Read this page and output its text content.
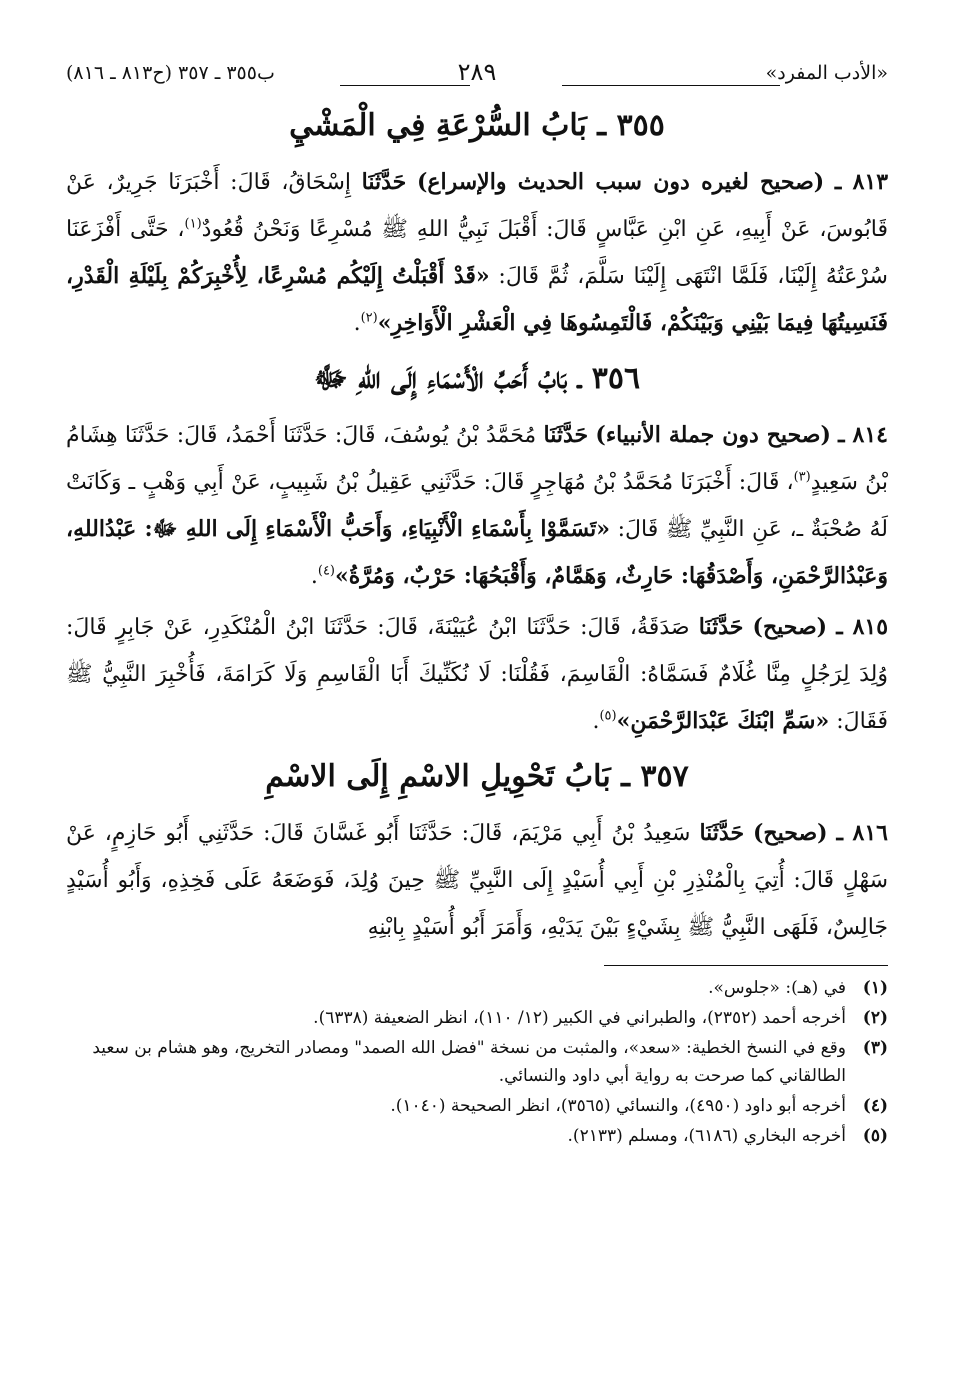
«الأدب المفرد»
٢٨٩
ب٣٥٥ ـ ٣٥٧ (ح٨١٣ ـ ٨١٦)
٣٥٥ ـ بَابُ السُّرْعَةِ فِي الْمَشْيِ

٨١٣ ـ (صحيح لغيره دون سبب الحديث والإسراع) حَدَّثَنَا إِسْحَاقُ، قَالَ: أَخْبَرَنَا جَرِيرٌ، عَنْ قَابُوسَ، عَنْ أَبِيهِ، عَنِ ابْنِ عَبَّاسٍ قَالَ: أَقْبَلَ نَبِيُّ اللهِ ﷺ مُسْرِعًا وَنَحْنُ قُعُودٌ$^{(١)}$، حَتَّى أَفْزَعَنَا سُرْعَتُهُ إِلَيْنَا، فَلَمَّا انْتَهَى إِلَيْنَا سَلَّمَ، ثُمَّ قَالَ: «قَدْ أَقْبَلْتُ إِلَيْكُم مُسْرِعًا، لِأُخْبِرَكُمْ بِلَيْلَةِ الْقَدْرِ، فَنَسِيتُهَا فِيمَا بَيْنِي وَبَيْنَكُمْ، فَالْتَمِسُوهَا فِي الْعَشْرِ الْأَوَاخِرِ»$^{(٢)}$.

٣٥٦ ـ بَابُ أَحَبِّ الْأَسْمَاءِ إِلَى اللهِ ﷻ

٨١٤ ـ (صحيح دون جملة الأنبياء) حَدَّثَنَا مُحَمَّدُ بْنُ يُوسُفَ، قَالَ: حَدَّثَنَا أَحْمَدُ، قَالَ: حَدَّثَنَا هِشَامُ بْنُ سَعِيدٍ$^{(٣)}$، قَالَ: أَخْبَرَنَا مُحَمَّدُ بْنُ مُهَاجِرٍ قَالَ: حَدَّثَنِي عَقِيلُ بْنُ شَبِيبٍ، عَنْ أَبِي وَهْبٍ ـ وَكَانَتْ لَهُ صُحْبَةٌ ـ، عَنِ النَّبِيِّ ﷺ قَالَ: «تَسَمَّوْا بِأَسْمَاءِ الْأَنْبِيَاءِ، وَأَحَبُّ الْأَسْمَاءِ إِلَى اللهِ ﷻ: عَبْدُاللهِ، وَعَبْدُالرَّحْمَنِ، وَأَصْدَقُهَا: حَارِثٌ، وَهَمَّامٌ، وَأَقْبَحُهَا: حَرْبٌ، وَمُرَّةُ»$^{(٤)}$.

٨١٥ ـ (صحيح) حَدَّثَنَا صَدَقَةُ، قَالَ: حَدَّثَنَا ابْنُ عُيَيْنَةَ، قَالَ: حَدَّثَنَا ابْنُ الْمُنْكَدِرِ، عَنْ جَابِرٍ قَالَ: وُلِدَ لِرَجُلٍ مِنَّا غُلَامٌ فَسَمَّاهُ: الْقَاسِمَ، فَقُلْنَا: لَا نُكَنِّيكَ أَبَا الْقَاسِمِ وَلَا كَرَامَةَ، فَأُخْبِرَ النَّبِيُّ ﷺ فَقَالَ: «سَمِّ ابْنَكَ عَبْدَالرَّحْمَنِ»$^{(٥)}$.

٣٥٧ ـ بَابُ تَحْوِيلِ الاسْمِ إِلَى الاسْمِ

٨١٦ ـ (صحيح) حَدَّثَنَا سَعِيدُ بْنُ أَبِي مَرْيَمَ، قَالَ: حَدَّثَنَا أَبُو غَسَّانَ قَالَ: حَدَّثَنِي أَبُو حَازِمٍ، عَنْ سَهْلٍ قَالَ: أُتِيَ بِالْمُنْذِرِ بْنِ أَبِي أُسَيْدٍ إِلَى النَّبِيِّ ﷺ حِينَ وُلِدَ، فَوَضَعَهُ عَلَى فَخِذِهِ، وَأَبُو أُسَيْدٍ جَالِسٌ، فَلَهَى النَّبِيُّ ﷺ بِشَيْءٍ بَيْنَ يَدَيْهِ، وَأَمَرَ أَبُو أُسَيْدٍ بِابْنِهِ

(١)
في (هـ): «جلوس».
(٢)
أخرجه أحمد (٢٣٥٢)، والطبراني في الكبير (١٢/ ١١٠)، انظر الضعيفة (٦٣٣٨).
(٣)
وقع في النسخ الخطية: «سعد»، والمثبت من نسخة "فضل الله الصمد" ومصادر التخريج، وهو هشام بن سعيد الطالقاني كما صرحت به رواية أبي داود والنسائي.
(٤)
أخرجه أبو داود (٤٩٥٠)، والنسائي (٣٥٦٥)، انظر الصحيحة (١٠٤٠).
(٥)
أخرجه البخاري (٦١٨٦)، ومسلم (٢١٣٣).
